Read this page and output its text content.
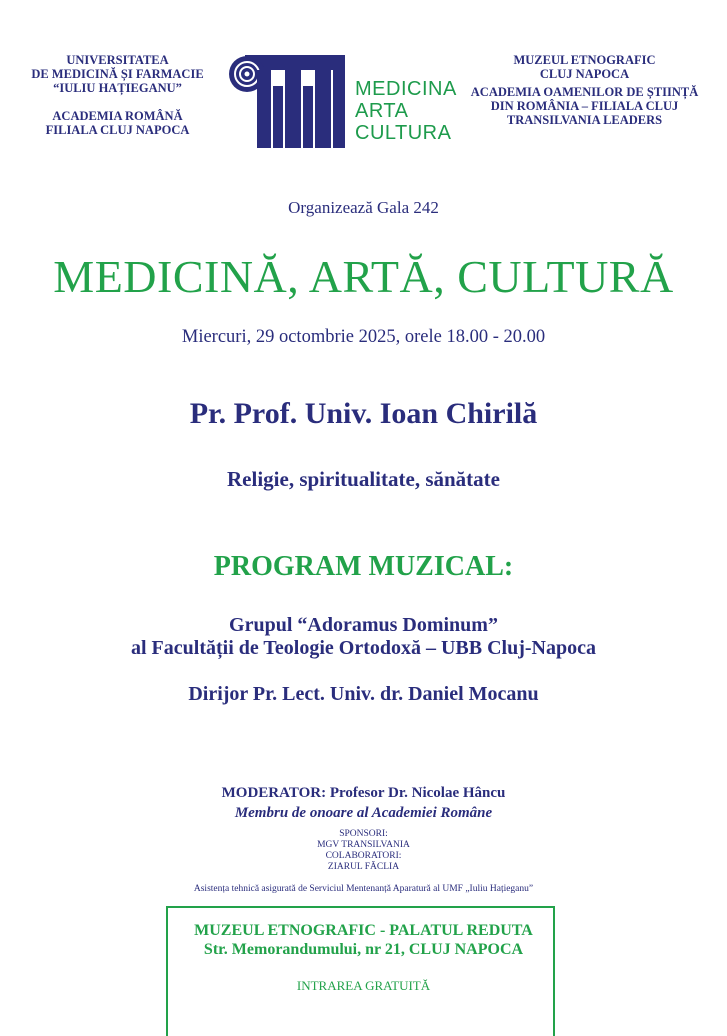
UNIVERSITATEA
DE MEDICINĂ ȘI FARMACIE
“IULIU HAȚIEGANU”
ACADEMIA ROMÂNĂ
FILIALA CLUJ NAPOCA
MEDICINA
ARTA
CULTURA
MUZEUL ETNOGRAFIC
CLUJ NAPOCA
ACADEMIA OAMENILOR DE ȘTIINȚĂ
DIN ROMÂNIA – FILIALA CLUJ
TRANSILVANIA LEADERS
Organizează Gala 242
MEDICINĂ, ARTĂ, CULTURĂ
Miercuri, 29 octombrie 2025, orele 18.00 - 20.00
Pr. Prof. Univ. Ioan Chirilă
Religie, spiritualitate, sănătate
PROGRAM MUZICAL:
Grupul “Adoramus Dominum”
al Facultății de Teologie Ortodoxă – UBB Cluj-Napoca
Dirijor Pr. Lect. Univ. dr. Daniel Mocanu
MODERATOR: Profesor Dr. Nicolae Hâncu
Membru de onoare al Academiei Române
SPONSORI:
MGV TRANSILVANIA
COLABORATORI:
ZIARUL FĂCLIA
Asistența tehnică asigurată de Serviciul Mentenanță Aparatură al UMF „Iuliu Hațieganu”
MUZEUL ETNOGRAFIC - PALATUL REDUTA
Str. Memorandumului, nr 21, CLUJ NAPOCA
INTRAREA GRATUITĂ
